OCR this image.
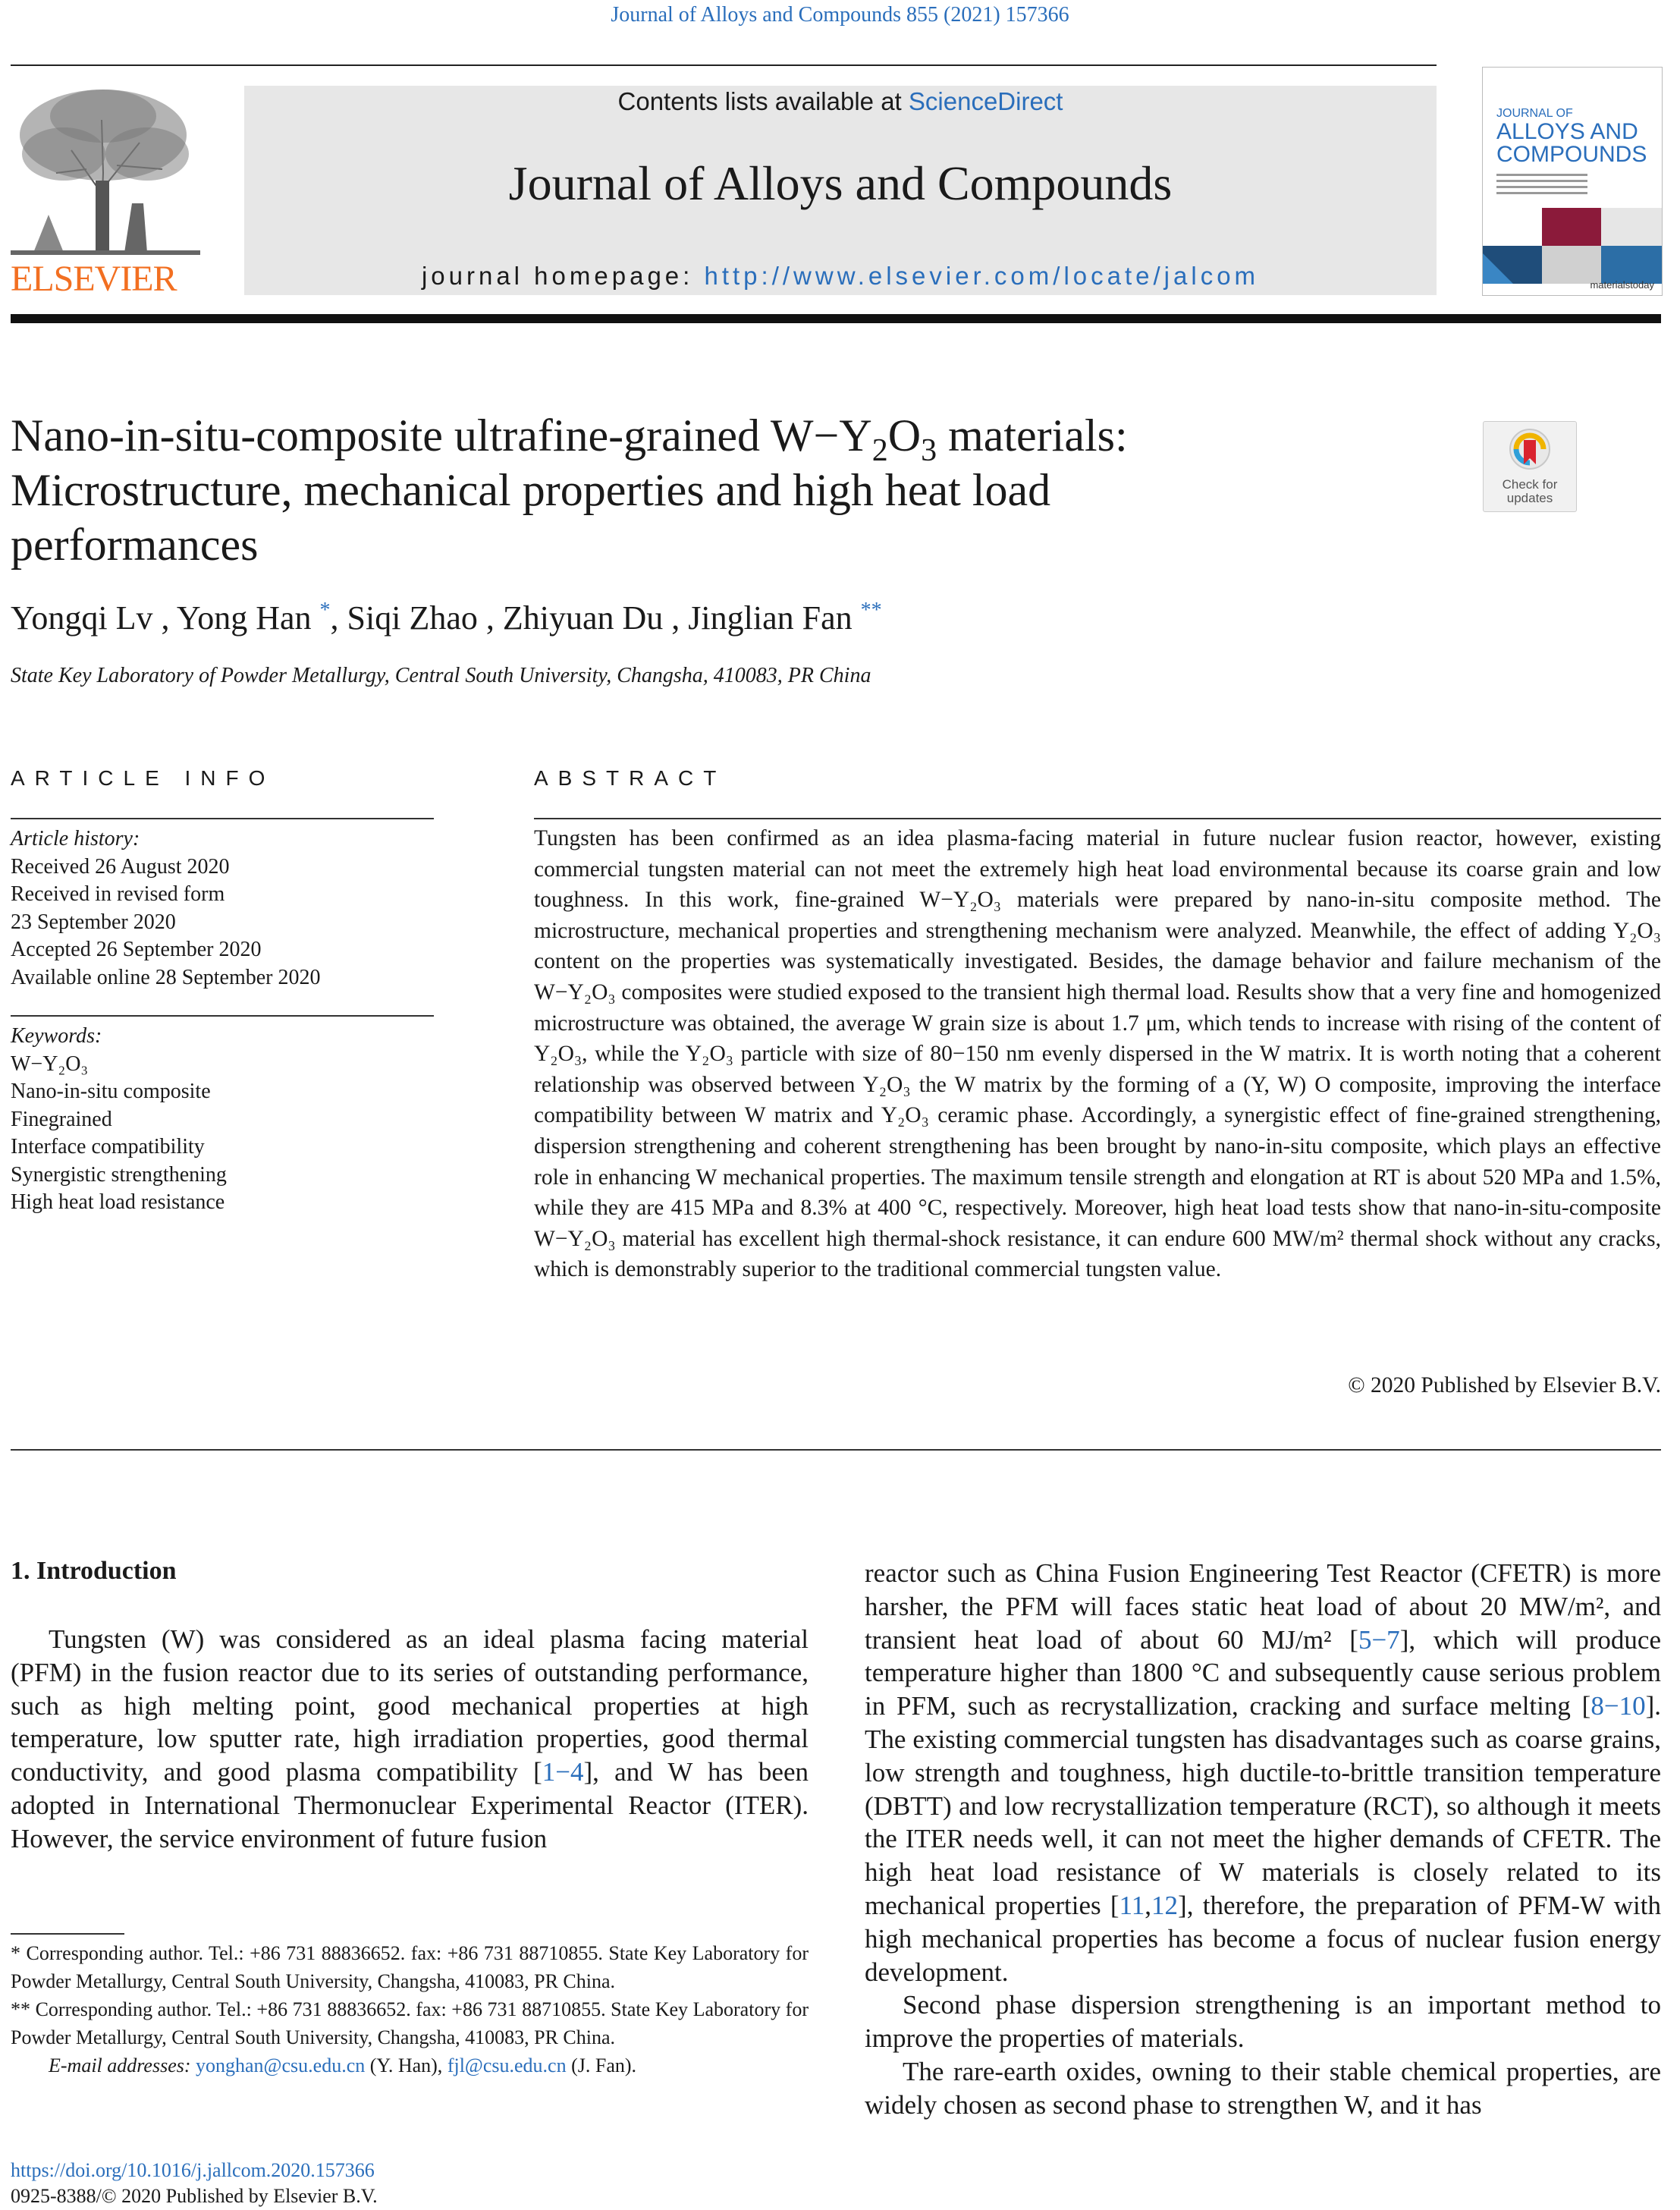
Journal of Alloys and Compounds 855 (2021) 157366
Contents lists available at ScienceDirect
Journal of Alloys and Compounds
journal homepage: http://www.elsevier.com/locate/jalcom
ELSEVIER
JOURNAL OF
ALLOYS AND
COMPOUNDS
materialstoday
Check for updates
Nano-in-situ-composite ultrafine-grained $W-Y_2O_3$ materials:
Microstructure, mechanical properties and high heat load
performances
Yongqi Lv , Yong Han *, Siqi Zhao , Zhiyuan Du , Jinglian Fan **
State Key Laboratory of Powder Metallurgy, Central South University, Changsha, 410083, PR China
ARTICLE INFO	ABSTRACT
Article history:
Received 26 August 2020
Received in revised form
23 September 2020
Accepted 26 September 2020
Available online 28 September 2020
Keywords:
W−Y₂O₃
Nano-in-situ composite
Finegrained
Interface compatibility
Synergistic strengthening
High heat load resistance
Tungsten has been confirmed as an idea plasma-facing material in future nuclear fusion reactor, however, existing commercial tungsten material can not meet the extremely high heat load environmental because its coarse grain and low toughness. In this work, fine-grained W−Y₂O₃ materials were prepared by nano-in-situ composite method. The microstructure, mechanical properties and strengthening mechanism were analyzed. Meanwhile, the effect of adding Y₂O₃ content on the properties was systematically investigated. Besides, the damage behavior and failure mechanism of the W−Y₂O₃ composites were studied exposed to the transient high thermal load. Results show that a very fine and homogenized microstructure was obtained, the average W grain size is about 1.7 μm, which tends to increase with rising of the content of Y₂O₃, while the Y₂O₃ particle with size of 80−150 nm evenly dispersed in the W matrix. It is worth noting that a coherent relationship was observed between Y₂O₃ the W matrix by the forming of a (Y, W) O composite, improving the interface compatibility between W matrix and Y₂O₃ ceramic phase. Accordingly, a synergistic effect of fine-grained strengthening, dispersion strengthening and coherent strengthening has been brought by nano-in-situ composite, which plays an effective role in enhancing W mechanical properties. The maximum tensile strength and elongation at RT is about 520 MPa and 1.5%, while they are 415 MPa and 8.3% at 400 °C, respectively. Moreover, high heat load tests show that nano-in-situ-composite W−Y₂O₃ material has excellent high thermal-shock resistance, it can endure 600 MW/m² thermal shock without any cracks, which is demonstrably superior to the traditional commercial tungsten value.
© 2020 Published by Elsevier B.V.
1. Introduction

Tungsten (W) was considered as an ideal plasma facing material (PFM) in the fusion reactor due to its series of outstanding performance, such as high melting point, good mechanical properties at high temperature, low sputter rate, high irradiation properties, good thermal conductivity, and good plasma compatibility [1−4], and W has been adopted in International Thermonuclear Experimental Reactor (ITER). However, the service environment of future fusion

reactor such as China Fusion Engineering Test Reactor (CFETR) is more harsher, the PFM will faces static heat load of about 20 MW/m², and transient heat load of about 60 MJ/m² [5−7], which will produce temperature higher than 1800 °C and subsequently cause serious problem in PFM, such as recrystallization, cracking and surface melting [8−10]. The existing commercial tungsten has disadvantages such as coarse grains, low strength and toughness, high ductile-to-brittle transition temperature (DBTT) and low recrystallization temperature (RCT), so although it meets the ITER needs well, it can not meet the higher demands of CFETR. The high heat load resistance of W materials is closely related to its mechanical properties [11,12], therefore, the preparation of PFM-W with high mechanical properties has become a focus of nuclear fusion energy development.

Second phase dispersion strengthening is an important method to improve the properties of materials.

The rare-earth oxides, owning to their stable chemical properties, are widely chosen as second phase to strengthen W, and it has

* Corresponding author. Tel.: +86 731 88836652. fax: +86 731 88710855. State Key Laboratory for Powder Metallurgy, Central South University, Changsha, 410083, PR China.

** Corresponding author. Tel.: +86 731 88836652. fax: +86 731 88710855. State Key Laboratory for Powder Metallurgy, Central South University, Changsha, 410083, PR China.

E-mail addresses: yonghan@csu.edu.cn (Y. Han), fjl@csu.edu.cn (J. Fan).

https://doi.org/10.1016/j.jallcom.2020.157366
0925-8388/© 2020 Published by Elsevier B.V.
